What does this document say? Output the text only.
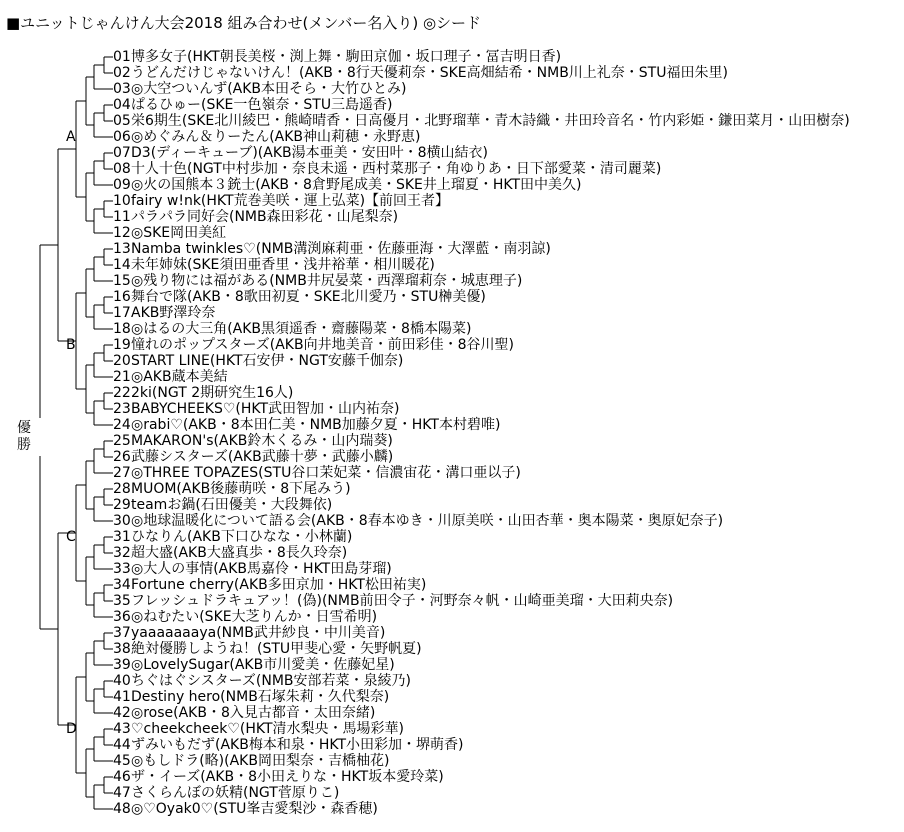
■ユニットじゃんけん大会2018 組み合わせ(メンバー名入り) ◎シード
01博多女子(HKT朝長美桜・渕上舞・駒田京伽・坂口理子・冨吉明日香)
02うどんだけじゃないけん！(AKB・8行天優莉奈・SKE高畑結希・NMB川上礼奈・STU福田朱里)
03◎大空ついんず(AKB本田そら・大竹ひとみ)
04ぱるひゅー(SKE一色嶺奈・STU三島遥香)
05栄6期生(SKE北川綾巴・熊崎晴香・日高優月・北野瑠華・青木詩織・井田玲音名・竹内彩姫・鎌田菜月・山田樹奈)
06◎めぐみん＆りーたん(AKB神山莉穂・永野恵)
07D3(ディーキューブ)(AKB湯本亜美・安田叶・8横山結衣)
08十人十色(NGT中村歩加・奈良未遥・西村菜那子・角ゆりあ・日下部愛菜・清司麗菜)
09◎火の国熊本３銃士(AKB・8倉野尾成美・SKE井上瑠夏・HKT田中美久)
10fairy w!nk(HKT荒巻美咲・運上弘菜)【前回王者】
11パラパラ同好会(NMB森田彩花・山尾梨奈)
12◎SKE岡田美紅
13Namba twinkles♡(NMB溝渕麻莉亜・佐藤亜海・大澤藍・南羽諒)
14未年姉妹(SKE須田亜香里・浅井裕華・相川暖花)
15◎残り物には福がある(NMB井尻晏菜・西澤瑠莉奈・城恵理子)
16舞台で隊(AKB・8歌田初夏・SKE北川愛乃・STU榊美優)
17AKB野澤玲奈
18◎はるの大三角(AKB黒須遥香・齋藤陽菜・8橋本陽菜)
19憧れのポップスターズ(AKB向井地美音・前田彩佳・8谷川聖)
20START LINE(HKT石安伊・NGT安藤千伽奈)
21◎AKB蔵本美結
222ki(NGT 2期研究生16人)
23BABYCHEEKS♡(HKT武田智加・山内祐奈)
24◎rabi♡(AKB・8本田仁美・NMB加藤夕夏・HKT本村碧唯)
25MAKARON's(AKB鈴木くるみ・山内瑞葵)
26武藤シスターズ(AKB武藤十夢・武藤小麟)
27◎THREE TOPAZES(STU谷口茉妃菜・信濃宙花・溝口亜以子)
28MUOM(AKB後藤萌咲・8下尾みう)
29teamお鍋(石田優美・大段舞依)
30◎地球温暖化について語る会(AKB・8春本ゆき・川原美咲・山田杏華・奥本陽菜・奥原妃奈子)
31ひなりん(AKB下口ひなな・小林蘭)
32超大盛(AKB大盛真歩・8長久玲奈)
33◎大人の事情(AKB馬嘉伶・HKT田島芽瑠)
34Fortune cherry(AKB多田京加・HKT松田祐実)
35フレッシュドラキュアッ！(偽)(NMB前田令子・河野奈々帆・山崎亜美瑠・大田莉央奈)
36◎ねむたい(SKE大芝りんか・日雪希明)
37yaaaaaaaya(NMB武井紗良・中川美音)
38絶対優勝しようね！(STU甲斐心愛・矢野帆夏)
39◎LovelySugar(AKB市川愛美・佐藤妃星)
40ちぐはぐシスターズ(NMB安部若菜・泉綾乃)
41Destiny hero(NMB石塚朱莉・久代梨奈)
42◎rose(AKB・8入見古都音・太田奈緒)
43♡cheekcheek♡(HKT清水梨央・馬場彩華)
44ずみいもだず(AKB梅本和泉・HKT小田彩加・堺萌香)
45◎もしドラ(略)(AKB岡田梨奈・吉橋柚花)
46ザ・イーズ(AKB・8小田えりな・HKT坂本愛玲菜)
47さくらんぼの妖精(NGT菅原りこ)
48◎♡Oyak0♡(STU峯吉愛梨沙・森香穂)
優
勝
A
B
C
D
